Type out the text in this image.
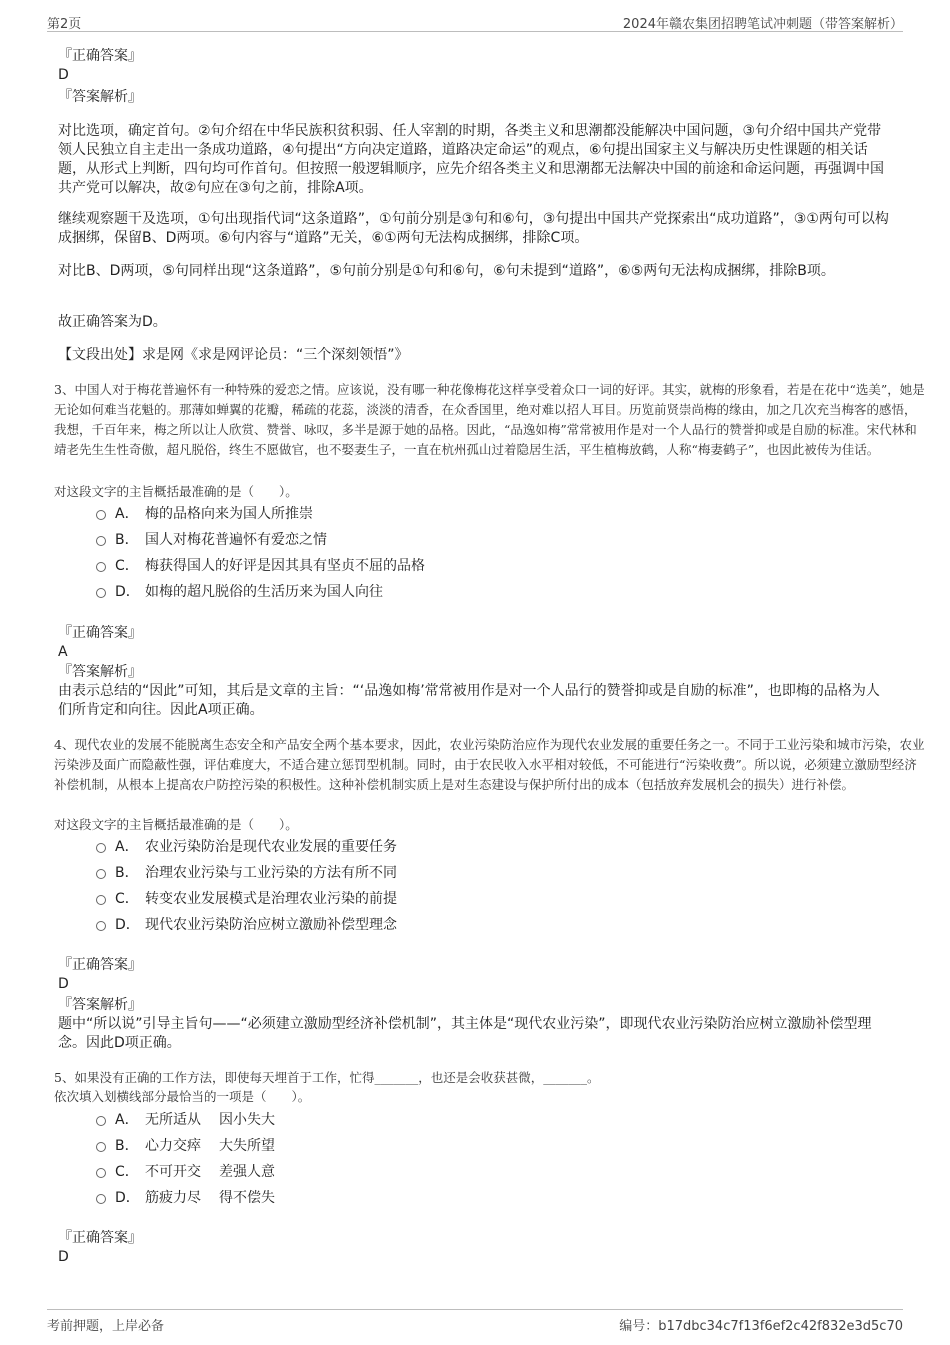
第2页	2024年赣农集团招聘笔试冲刺题（带答案解析）
『正确答案』
D
『答案解析』

对比选项，确定首句。②句介绍在中华民族积贫积弱、任人宰割的时期，各类主义和思潮都没能解决中国问题，③句介绍中国共产党带领人民独立自主走出一条成功道路，④句提出“方向决定道路，道路决定命运”的观点，⑥句提出国家主义与解决历史性课题的相关话题，从形式上判断，四句均可作首句。但按照一般逻辑顺序，应先介绍各类主义和思潮都无法解决中国的前途和命运问题，再强调中国共产党可以解决，故②句应在③句之前，排除A项。

继续观察题干及选项，①句出现指代词“这条道路”，①句前分别是③句和⑥句，③句提出中国共产党探索出“成功道路”，③①两句可以构成捆绑，保留B、D两项。⑥句内容与“道路”无关，⑥①两句无法构成捆绑，排除C项。

对比B、D两项，⑤句同样出现“这条道路”，⑤句前分别是①句和⑥句，⑥句未提到“道路”，⑥⑤两句无法构成捆绑，排除B项。

故正确答案为D。

【文段出处】求是网《求是网评论员：“三个深刻领悟”》

3、中国人对于梅花普遍怀有一种特殊的爱恋之情。应该说，没有哪一种花像梅花这样享受着众口一词的好评。其实，就梅的形象看，若是在花中“选美”，她是无论如何难当花魁的。那薄如蝉翼的花瓣，稀疏的花蕊，淡淡的清香，在众香国里，绝对难以招人耳目。历览前贤崇尚梅的缘由，加之几次充当梅客的感悟，我想，千百年来，梅之所以让人欣赏、赞誉、咏叹，多半是源于她的品格。因此，“品逸如梅”常常被用作是对一个人品行的赞誉抑或是自励的标准。宋代林和靖老先生生性奇傲，超凡脱俗，终生不愿做官，也不娶妻生子，一直在杭州孤山过着隐居生活，平生植梅放鹤，人称“梅妻鹤子”，也因此被传为佳话。

对这段文字的主旨概括最准确的是（　　）。
A． 梅的品格向来为国人所推崇
B． 国人对梅花普遍怀有爱恋之情
C． 梅获得国人的好评是因其具有坚贞不屈的品格
D． 如梅的超凡脱俗的生活历来为国人向往
『正确答案』
A
『答案解析』

由表示总结的“因此”可知，其后是文章的主旨：“‘品逸如梅’常常被用作是对一个人品行的赞誉抑或是自励的标准”，也即梅的品格为人们所肯定和向往。因此A项正确。

4、现代农业的发展不能脱离生态安全和产品安全两个基本要求，因此，农业污染防治应作为现代农业发展的重要任务之一。不同于工业污染和城市污染，农业污染涉及面广而隐蔽性强，评估难度大，不适合建立惩罚型机制。同时，由于农民收入水平相对较低，不可能进行“污染收费”。所以说，必须建立激励型经济补偿机制，从根本上提高农户防控污染的积极性。这种补偿机制实质上是对生态建设与保护所付出的成本（包括放弃发展机会的损失）进行补偿。

对这段文字的主旨概括最准确的是（　　）。
A． 农业污染防治是现代农业发展的重要任务
B． 治理农业污染与工业污染的方法有所不同
C． 转变农业发展模式是治理农业污染的前提
D． 现代农业污染防治应树立激励补偿型理念
『正确答案』
D
『答案解析』

题中“所以说”引导主旨句——“必须建立激励型经济补偿机制”，其主体是“现代农业污染”，即现代农业污染防治应树立激励补偿型理念。因此D项正确。

5、如果没有正确的工作方法，即使每天埋首于工作，忙得_______，也还是会收获甚微，_______。

依次填入划横线部分最恰当的一项是（　　）。
A． 无所适从 因小失大
B． 心力交瘁 大失所望
C． 不可开交 差强人意
D． 筋疲力尽 得不偿失
『正确答案』
D
考前押题，上岸必备	编号：b17dbc34c7f13f6ef2c42f832e3d5c70
